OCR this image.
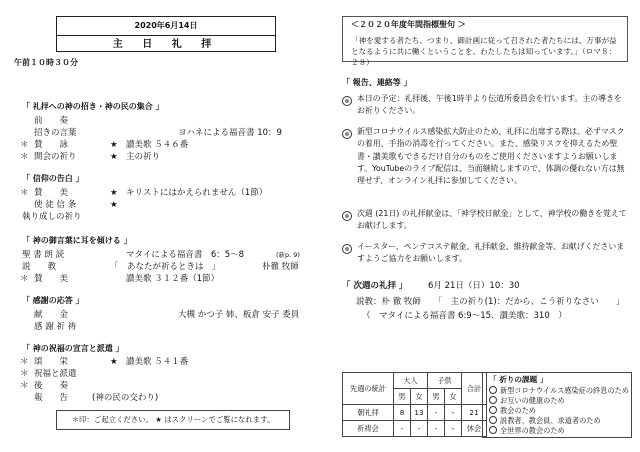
2020年6月14日
主 日 礼 拝
午前１０時３０分
「 礼拝への神の招き・神の民の集合 」
前　　奏
招きの言葉	ヨハネによる福音書 10：9
＊ 賛　　詠	★ 讃美歌 ５４６番
＊ 開会の祈り	★ 主の祈り
「 信仰の告白 」
＊ 賛　　美	★ キリストにはかえられません（1節）
使 徒 信 条	★
執り成しの祈り
「 神の御言葉に耳を傾ける 」
聖 書 朗 読	マタイによる福音書　6：5〜8	(新p. 9)
説　　教	「　あなたが祈るときは　」	朴徹 牧師
＊ 賛　　美	讃美歌 ３１２番（1節）
「 感謝の応答 」
献　　金	大槻 かつ子 姉、板倉 安子 委員
感 謝 祈 祷
「 神の祝福の宣言と派遣 」
＊ 頌　　栄	★ 讃美歌 ５４１番
＊ 祝福と派遣
＊ 後　　奏
報　　告	(神の民の交わり)
＊印：ご起立ください。 ★ はスクリーンでご覧になれます。
＜２０２０年度年間指標聖句 ＞
「神を愛する者たち、つまり、御計画に従って召された者たちには、万事が益となるように共に働くということを、わたしたちは知っています。」（ロマ８：２８）
「 報告、連絡等 」
本日の予定：礼拝後、午後1時半より伝道所委員会を行います。主の導きをお祈りください。
新型コロナウイルス感染拡大防止のため、礼拝に出席する際は、必ずマスクの着用、手指の消毒を行ってください。また、感染リスクを抑えるため聖書・讃美歌もできるだけ自分のものをご使用くださいますようお願いします。YouTubeのライブ配信は、当面継続しますので、体調の優れない方は無理せず、オンライン礼拝に参加してください。
次週 (21日) の礼拝献金は、「神学校日献金」として、神学校の働きを覚えてお献げします。
イースター、ペンテコステ献金、礼拝献金、維持献金等、お献げくださいますようご協力をお願いします。
「 次週の礼拝 」 6月 21日（日）10：30
説教：朴 徹 牧師　　「　主の祈り(1)：だから、こう祈りなさい　　」
（　マタイによる福音書 6:9〜15、讃美歌：310　）
先週の統計	大人		子供		合計
	男	女	男	女	
朝礼拝	8	13	-	-	21
祈祷会	-	-	-	-	休会
「 祈りの課題 」
新型コロナウイルス感染症の終息のため
お互いの健康のため
教会のため
説教者、教会員、求道者のため
全世界の教会のため
